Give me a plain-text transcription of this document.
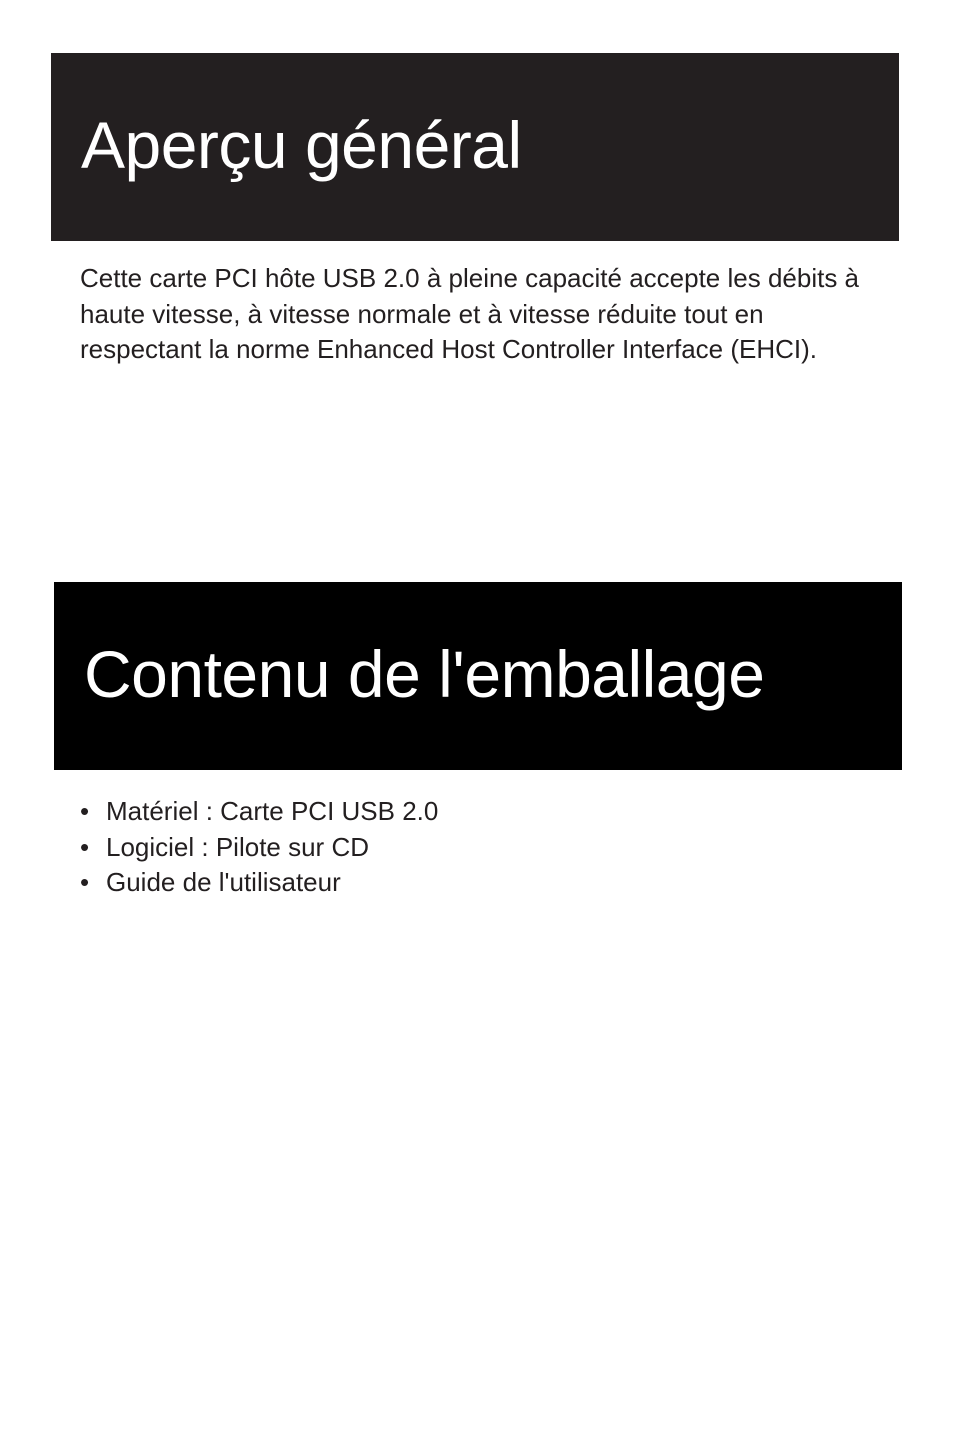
Aperçu général

Cette carte PCI hôte USB 2.0 à pleine capacité accepte les débits à haute vitesse, à vitesse normale et à vitesse réduite tout en respectant la norme Enhanced Host Controller Interface (EHCI).

Contenu de l'emballage
• Matériel : Carte PCI USB 2.0
• Logiciel : Pilote sur CD
• Guide de l'utilisateur
